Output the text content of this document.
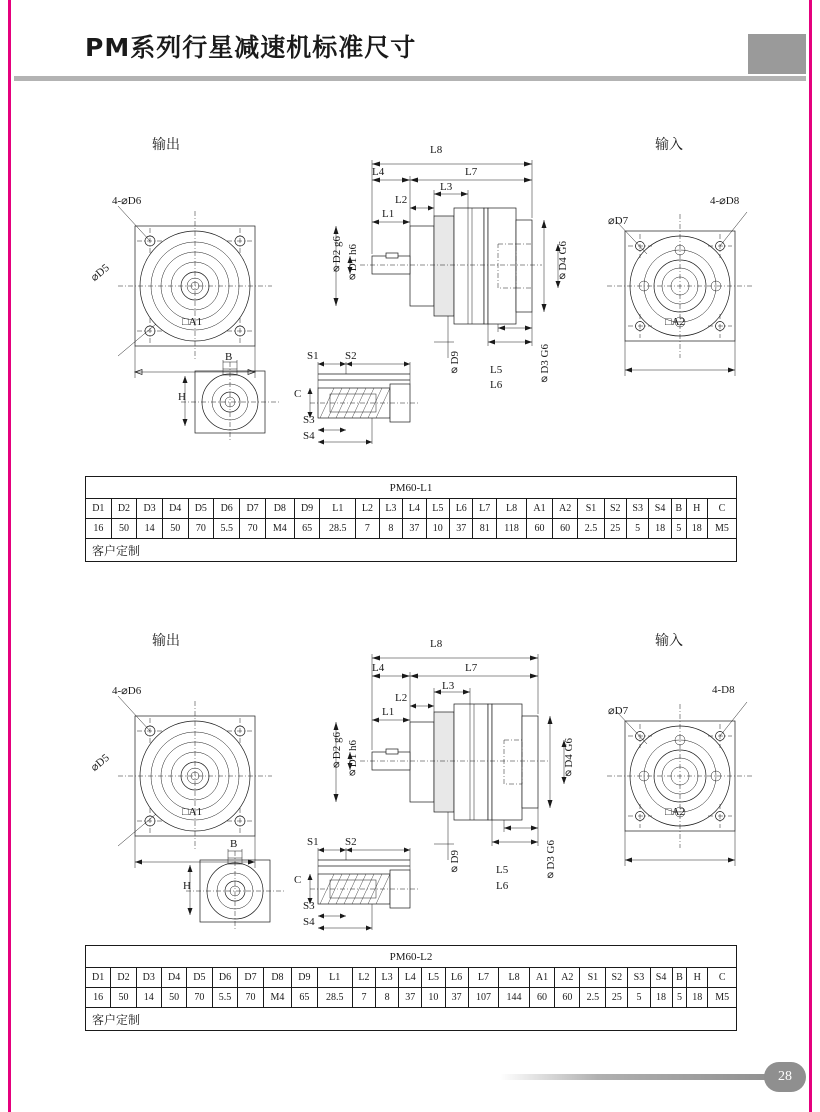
PM系列行星减速机标准尺寸
输出	输入
4-⌀D6
⌀D5
□A1
L8
L7
L4
L3
L2
L1
⌀D2 g6 ⌀D1 h6
⌀D9	L5
L6
⌀D4 G6
⌀D3 G6
4-⌀D8
⌀D7
□A2
B
H
S1 S2
S3
S4
C
PM60-L1																									
D1	D2	D3	D4	D5	D6	D7	D8	D9	L1	L2	L3	L4	L5	L6	L7	L8	A1	A2	S1	S2	S3	S4	B	H	C
16	50	14	50	70	5.5	70	M4	65	28.5	7	8	37	10	37	81	118	60	60	2.5	25	5	18	5	18	M5
客户定制																									
输出	输入
4-⌀D6
⌀D5
□A1
L8
L7
L4
L3
L2
L1
⌀D2 g6 ⌀D1 h6
⌀D9	L5
L6
⌀D4 G6
⌀D3 G6
4-D8
⌀D7
□A2
B
H
S1 S2
S3
S4
C
PM60-L2																									
D1	D2	D3	D4	D5	D6	D7	D8	D9	L1	L2	L3	L4	L5	L6	L7	L8	A1	A2	S1	S2	S3	S4	B	H	C
16	50	14	50	70	5.5	70	M4	65	28.5	7	8	37	10	37	107	144	60	60	2.5	25	5	18	5	18	M5
客户定制																									
28
